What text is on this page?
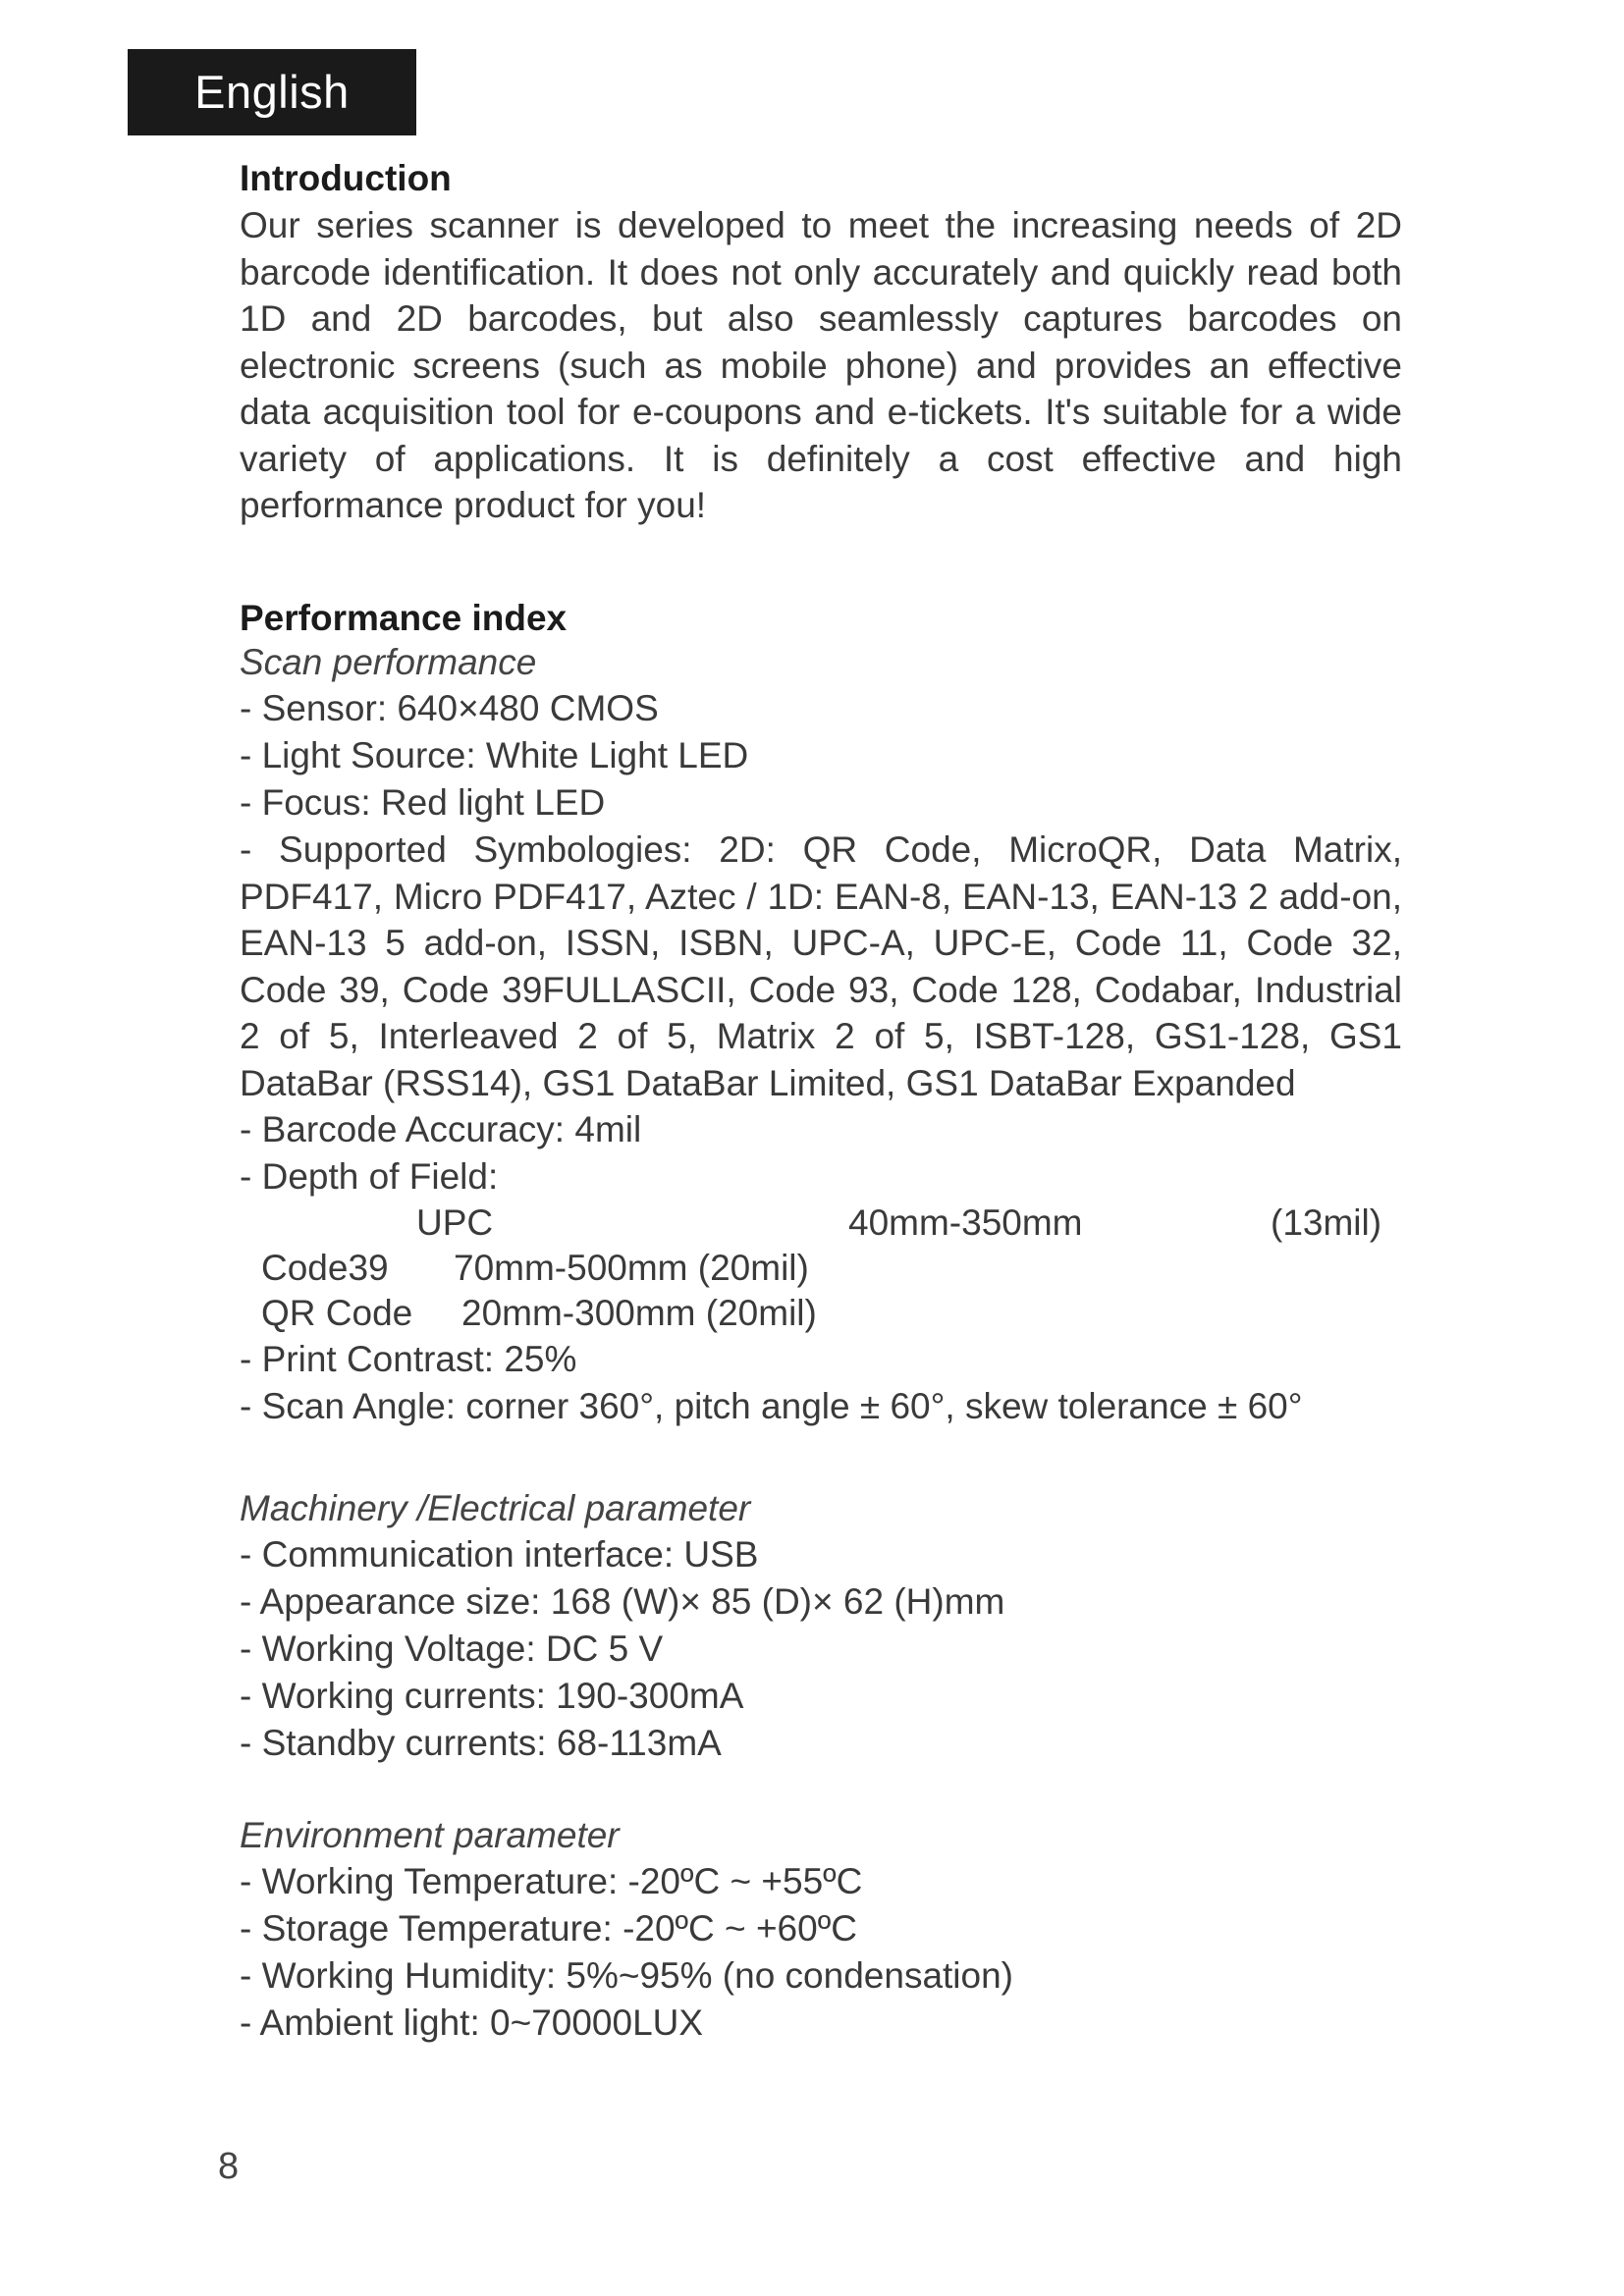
English
Introduction

Our series scanner is developed to meet the increasing needs of 2D barcode identification. It does not only accurately and quickly read both 1D and 2D barcodes, but also seamlessly captures barcodes on electronic screens (such as mobile phone) and provides an effective data acquisition tool for e-coupons and e-tickets. It's suitable for a wide variety of applications. It is definitely a cost effective and high performance product for you!

Performance index
Scan performance
- Sensor: 640×480 CMOS
- Light Source: White Light LED
- Focus: Red light LED
- Supported Symbologies: 2D: QR Code, MicroQR, Data Matrix, PDF417, Micro PDF417, Aztec / 1D: EAN-8, EAN-13, EAN-13 2 add-on, EAN-13 5 add-on, ISSN, ISBN, UPC-A, UPC-E, Code 11, Code 32, Code 39, Code 39FULLASCII, Code 93, Code 128, Codabar, Industrial 2 of 5, Interleaved 2 of 5, Matrix 2 of 5, ISBT-128, GS1-128, GS1 DataBar (RSS14), GS1 DataBar Limited, GS1 DataBar Expanded
- Barcode Accuracy: 4mil
- Depth of Field:
UPC	40mm-350mm	(13mil)
Code39 70mm-500mm (20mil)
QR Code 20mm-300mm (20mil)
- Print Contrast: 25%
- Scan Angle: corner 360°, pitch angle ± 60°, skew tolerance ± 60°
Machinery /Electrical parameter
- Communication interface: USB
- Appearance size: 168 (W)× 85 (D)× 62 (H)mm
- Working Voltage: DC 5 V
- Working currents: 190-300mA
- Standby currents: 68-113mA
Environment parameter
- Working Temperature: -20ºC ~ +55ºC
- Storage Temperature: -20ºC ~ +60ºC
- Working Humidity: 5%~95% (no condensation)
- Ambient light: 0~70000LUX
8
